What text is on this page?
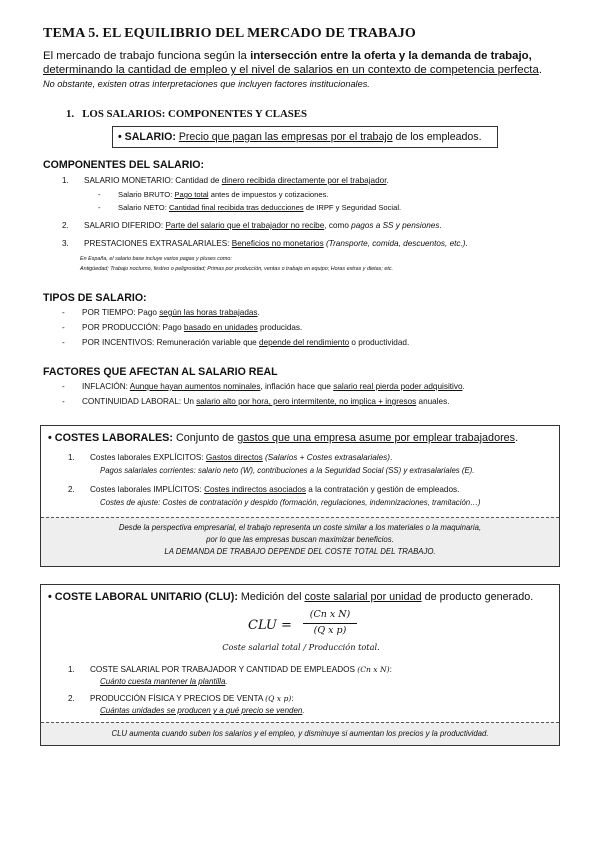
TEMA 5. EL EQUILIBRIO DEL MERCADO DE TRABAJO
El mercado de trabajo funciona según la intersección entre la oferta y la demanda de trabajo,
determinando la cantidad de empleo y el nivel de salarios en un contexto de competencia perfecta.
No obstante, existen otras interpretaciones que incluyen factores institucionales.
1. LOS SALARIOS: COMPONENTES Y CLASES
• SALARIO: Precio que pagan las empresas por el trabajo de los empleados.
COMPONENTES DEL SALARIO:
1. SALARIO MONETARIO: Cantidad de dinero recibida directamente por el trabajador.
- Salario BRUTO: Pago total antes de impuestos y cotizaciones.
- Salario NETO: Cantidad final recibida tras deducciones de IRPF y Seguridad Social.
2. SALARIO DIFERIDO: Parte del salario que el trabajador no recibe, como pagos a SS y pensiones.
3. PRESTACIONES EXTRASALARIALES: Beneficios no monetarios (Transporte, comida, descuentos, etc.).
En España, el salario base incluye varios pagas y pluses como:
Antigüedad; Trabajo nocturno, festivo o peligrosidad; Primas por producción, ventas o trabajo en equipo; Horas extras y dietas; etc.
TIPOS DE SALARIO:
- POR TIEMPO: Pago según las horas trabajadas.
- POR PRODUCCIÓN: Pago basado en unidades producidas.
- POR INCENTIVOS: Remuneración variable que depende del rendimiento o productividad.
FACTORES QUE AFECTAN AL SALARIO REAL
- INFLACIÓN: Aunque hayan aumentos nominales, inflación hace que salario real pierda poder adquisitivo.
- CONTINUIDAD LABORAL: Un salario alto por hora, pero intermitente, no implica + ingresos anuales.
• COSTES LABORALES: Conjunto de gastos que una empresa asume por emplear trabajadores.
1. Costes laborales EXPLÍCITOS: Gastos directos (Salarios + Costes extrasalariales).
Pagos salariales corrientes: salario neto (W), contribuciones a la Seguridad Social (SS) y extrasalariales (E).
2. Costes laborales IMPLÍCITOS: Costes indirectos asociados a la contratación y gestión de empleados.
Costes de ajuste: Costes de contratación y despido (formación, regulaciones, indemnizaciones, tramitación…)
Desde la perspectiva empresarial, el trabajo representa un coste similar a los materiales o la maquinaria,
por lo que las empresas buscan maximizar beneficios.
LA DEMANDA DE TRABAJO DEPENDE DEL COSTE TOTAL DEL TRABAJO.
• COSTE LABORAL UNITARIO (CLU): Medición del coste salarial por unidad de producto generado.
CLU =
(Cn x N)
(Q x p)
Coste salarial total / Producción total.
1. COSTE SALARIAL POR TRABAJADOR Y CANTIDAD DE EMPLEADOS (Cn x N):
Cuánto cuesta mantener la plantilla.
2. PRODUCCIÓN FÍSICA Y PRECIOS DE VENTA (Q x p):
Cuántas unidades se producen y a qué precio se venden.
CLU aumenta cuando suben los salarios y el empleo, y disminuye si aumentan los precios y la productividad.
